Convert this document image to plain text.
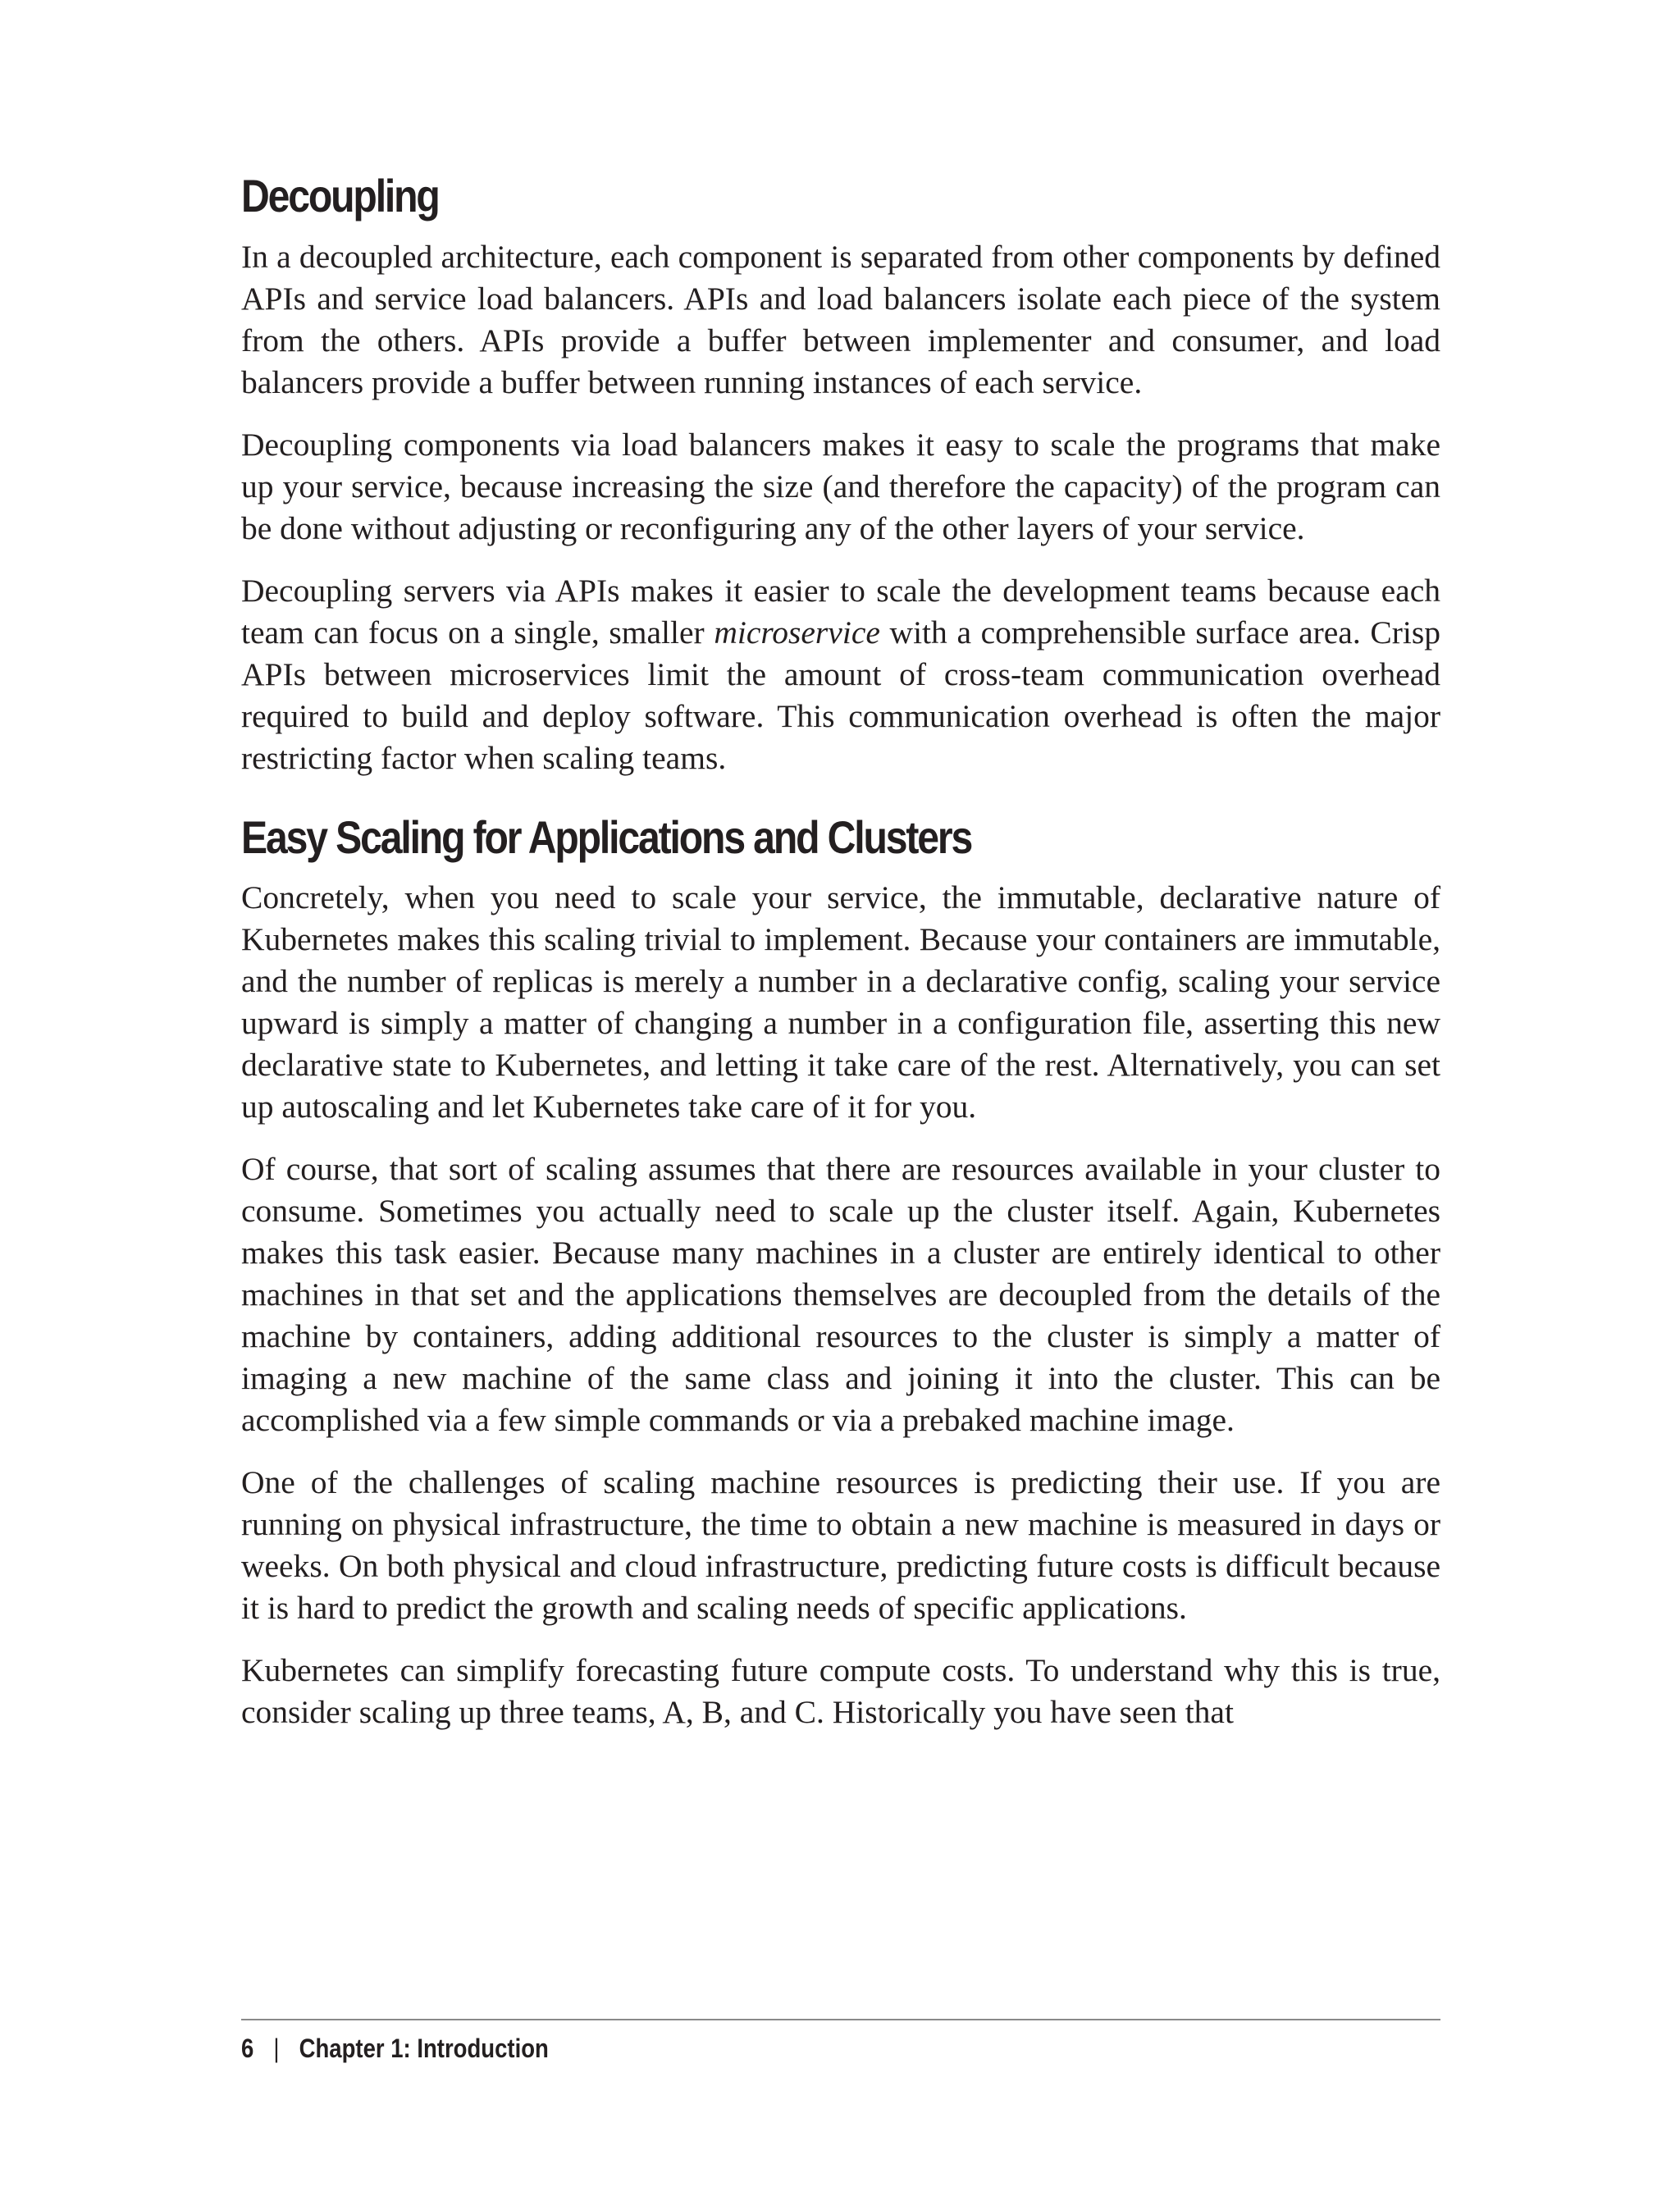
Decoupling

In a decoupled architecture, each component is separated from other components by defined APIs and service load balancers. APIs and load balancers isolate each piece of the system from the others. APIs provide a buffer between implementer and consumer, and load balancers provide a buffer between running instances of each service.

Decoupling components via load balancers makes it easy to scale the programs that make up your service, because increasing the size (and therefore the capacity) of the program can be done without adjusting or reconfiguring any of the other layers of your service.

Decoupling servers via APIs makes it easier to scale the development teams because each team can focus on a single, smaller microservice with a comprehensible surface area. Crisp APIs between microservices limit the amount of cross-team communication overhead required to build and deploy software. This communication overhead is often the major restricting factor when scaling teams.

Easy Scaling for Applications and Clusters

Concretely, when you need to scale your service, the immutable, declarative nature of Kubernetes makes this scaling trivial to implement. Because your containers are immutable, and the number of replicas is merely a number in a declarative config, scaling your service upward is simply a matter of changing a number in a configuration file, asserting this new declarative state to Kubernetes, and letting it take care of the rest. Alternatively, you can set up autoscaling and let Kubernetes take care of it for you.

Of course, that sort of scaling assumes that there are resources available in your cluster to consume. Sometimes you actually need to scale up the cluster itself. Again, Kubernetes makes this task easier. Because many machines in a cluster are entirely identical to other machines in that set and the applications themselves are decoupled from the details of the machine by containers, adding additional resources to the cluster is simply a matter of imaging a new machine of the same class and joining it into the cluster. This can be accomplished via a few simple commands or via a prebaked machine image.

One of the challenges of scaling machine resources is predicting their use. If you are running on physical infrastructure, the time to obtain a new machine is measured in days or weeks. On both physical and cloud infrastructure, predicting future costs is difficult because it is hard to predict the growth and scaling needs of specific applications.

Kubernetes can simplify forecasting future compute costs. To understand why this is true, consider scaling up three teams, A, B, and C. Historically you have seen that

6 | Chapter 1: Introduction
